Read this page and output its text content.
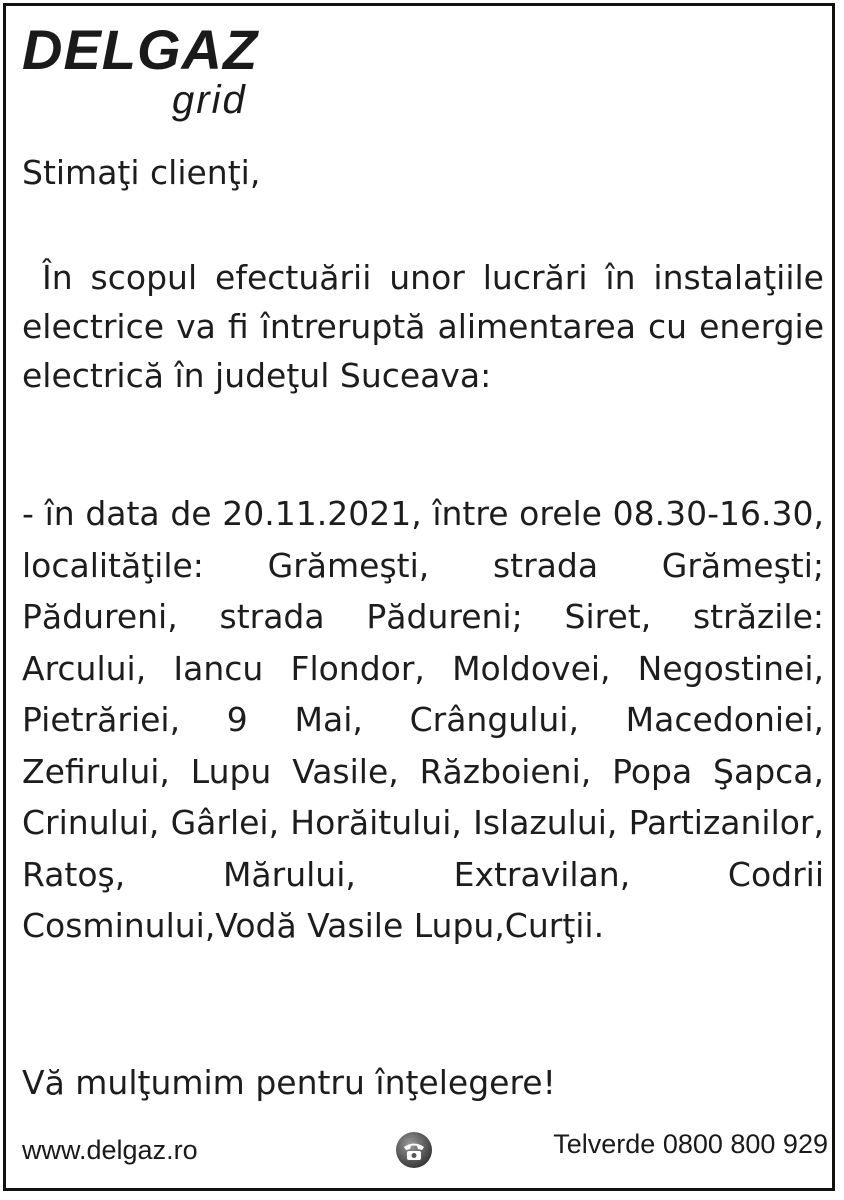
DELGAZ
grid
Stimaţi clienţi,
În scopul efectuării unor lucrări în instalaţiile electrice va fi întreruptă alimentarea cu energie electrică în judeţul Suceava:
- în data de 20.11.2021, între orele 08.30-16.30, localităţile: Grămeşti, strada Grămeşti; Pădureni, strada Pădureni; Siret, străzile: Arcului, Iancu Flondor, Moldovei, Negostinei, Pietrăriei, 9 Mai, Crângului, Macedoniei, Zefirului, Lupu Vasile, Războieni, Popa Şapca, Crinului, Gârlei, Horăitului, Islazului, Partizanilor, Ratoş, Mărului, Extravilan, Codrii Cosminului,Vodă Vasile Lupu,Curţii.
Vă mulţumim pentru înţelegere!
www.delgaz.ro	Telverde 0800 800 929
